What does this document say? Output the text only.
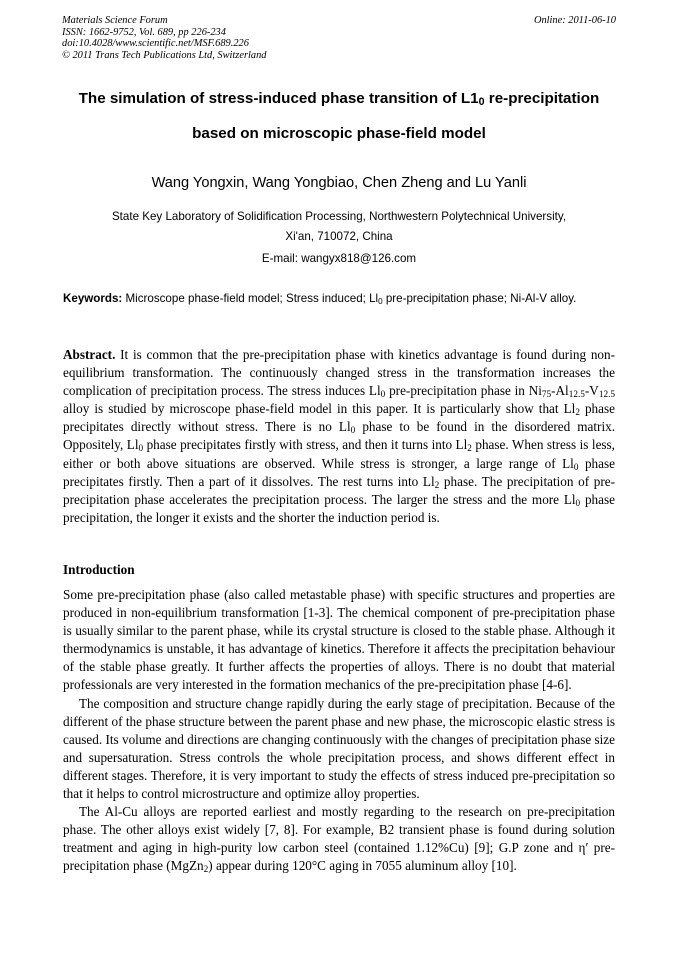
Materials Science Forum
ISSN: 1662-9752, Vol. 689, pp 226-234
doi:10.4028/www.scientific.net/MSF.689.226
© 2011 Trans Tech Publications Ltd, Switzerland
Online: 2011-06-10
The simulation of stress-induced phase transition of $L1_0$ re-precipitation
based on microscopic phase-field model
Wang Yongxin, Wang Yongbiao, Chen Zheng and Lu Yanli
State Key Laboratory of Solidification Processing, Northwestern Polytechnical University,
Xi'an, 710072, China
E-mail: wangyx818@126.com
Keywords: Microscope phase-field model; Stress induced; $Ll_0$ pre-precipitation phase; Ni-Al-V alloy.
Abstract. It is common that the pre-precipitation phase with kinetics advantage is found during non-equilibrium transformation. The continuously changed stress in the transformation increases the complication of precipitation process. The stress induces $Ll_0$ pre-precipitation phase in $Ni_{75}-Al_{12.5}-V_{12.5}$ alloy is studied by microscope phase-field model in this paper. It is particularly show that $Ll_2$ phase precipitates directly without stress. There is no $Ll_0$ phase to be found in the disordered matrix. Oppositely, $Ll_0$ phase precipitates firstly with stress, and then it turns into $Ll_2$ phase. When stress is less, either or both above situations are observed. While stress is stronger, a large range of $Ll_0$ phase precipitates firstly. Then a part of it dissolves. The rest turns into $Ll_2$ phase. The precipitation of pre-precipitation phase accelerates the precipitation process. The larger the stress and the more $Ll_0$ phase precipitation, the longer it exists and the shorter the induction period is.
Introduction

Some pre-precipitation phase (also called metastable phase) with specific structures and properties are produced in non-equilibrium transformation [1-3]. The chemical component of pre-precipitation phase is usually similar to the parent phase, while its crystal structure is closed to the stable phase. Although it thermodynamics is unstable, it has advantage of kinetics. Therefore it affects the precipitation behaviour of the stable phase greatly. It further affects the properties of alloys. There is no doubt that material professionals are very interested in the formation mechanics of the pre-precipitation phase [4-6].

The composition and structure change rapidly during the early stage of precipitation. Because of the different of the phase structure between the parent phase and new phase, the microscopic elastic stress is caused. Its volume and directions are changing continuously with the changes of precipitation phase size and supersaturation. Stress controls the whole precipitation process, and shows different effect in different stages. Therefore, it is very important to study the effects of stress induced pre-precipitation so that it helps to control microstructure and optimize alloy properties.

The Al-Cu alloys are reported earliest and mostly regarding to the research on pre-precipitation phase. The other alloys exist widely [7, 8]. For example, B2 transient phase is found during solution treatment and aging in high-purity low carbon steel (contained 1.12%Cu) [9]; G.P zone and η′ pre-precipitation phase (MgZn$_2$) appear during 120°C aging in 7055 aluminum alloy [10].
